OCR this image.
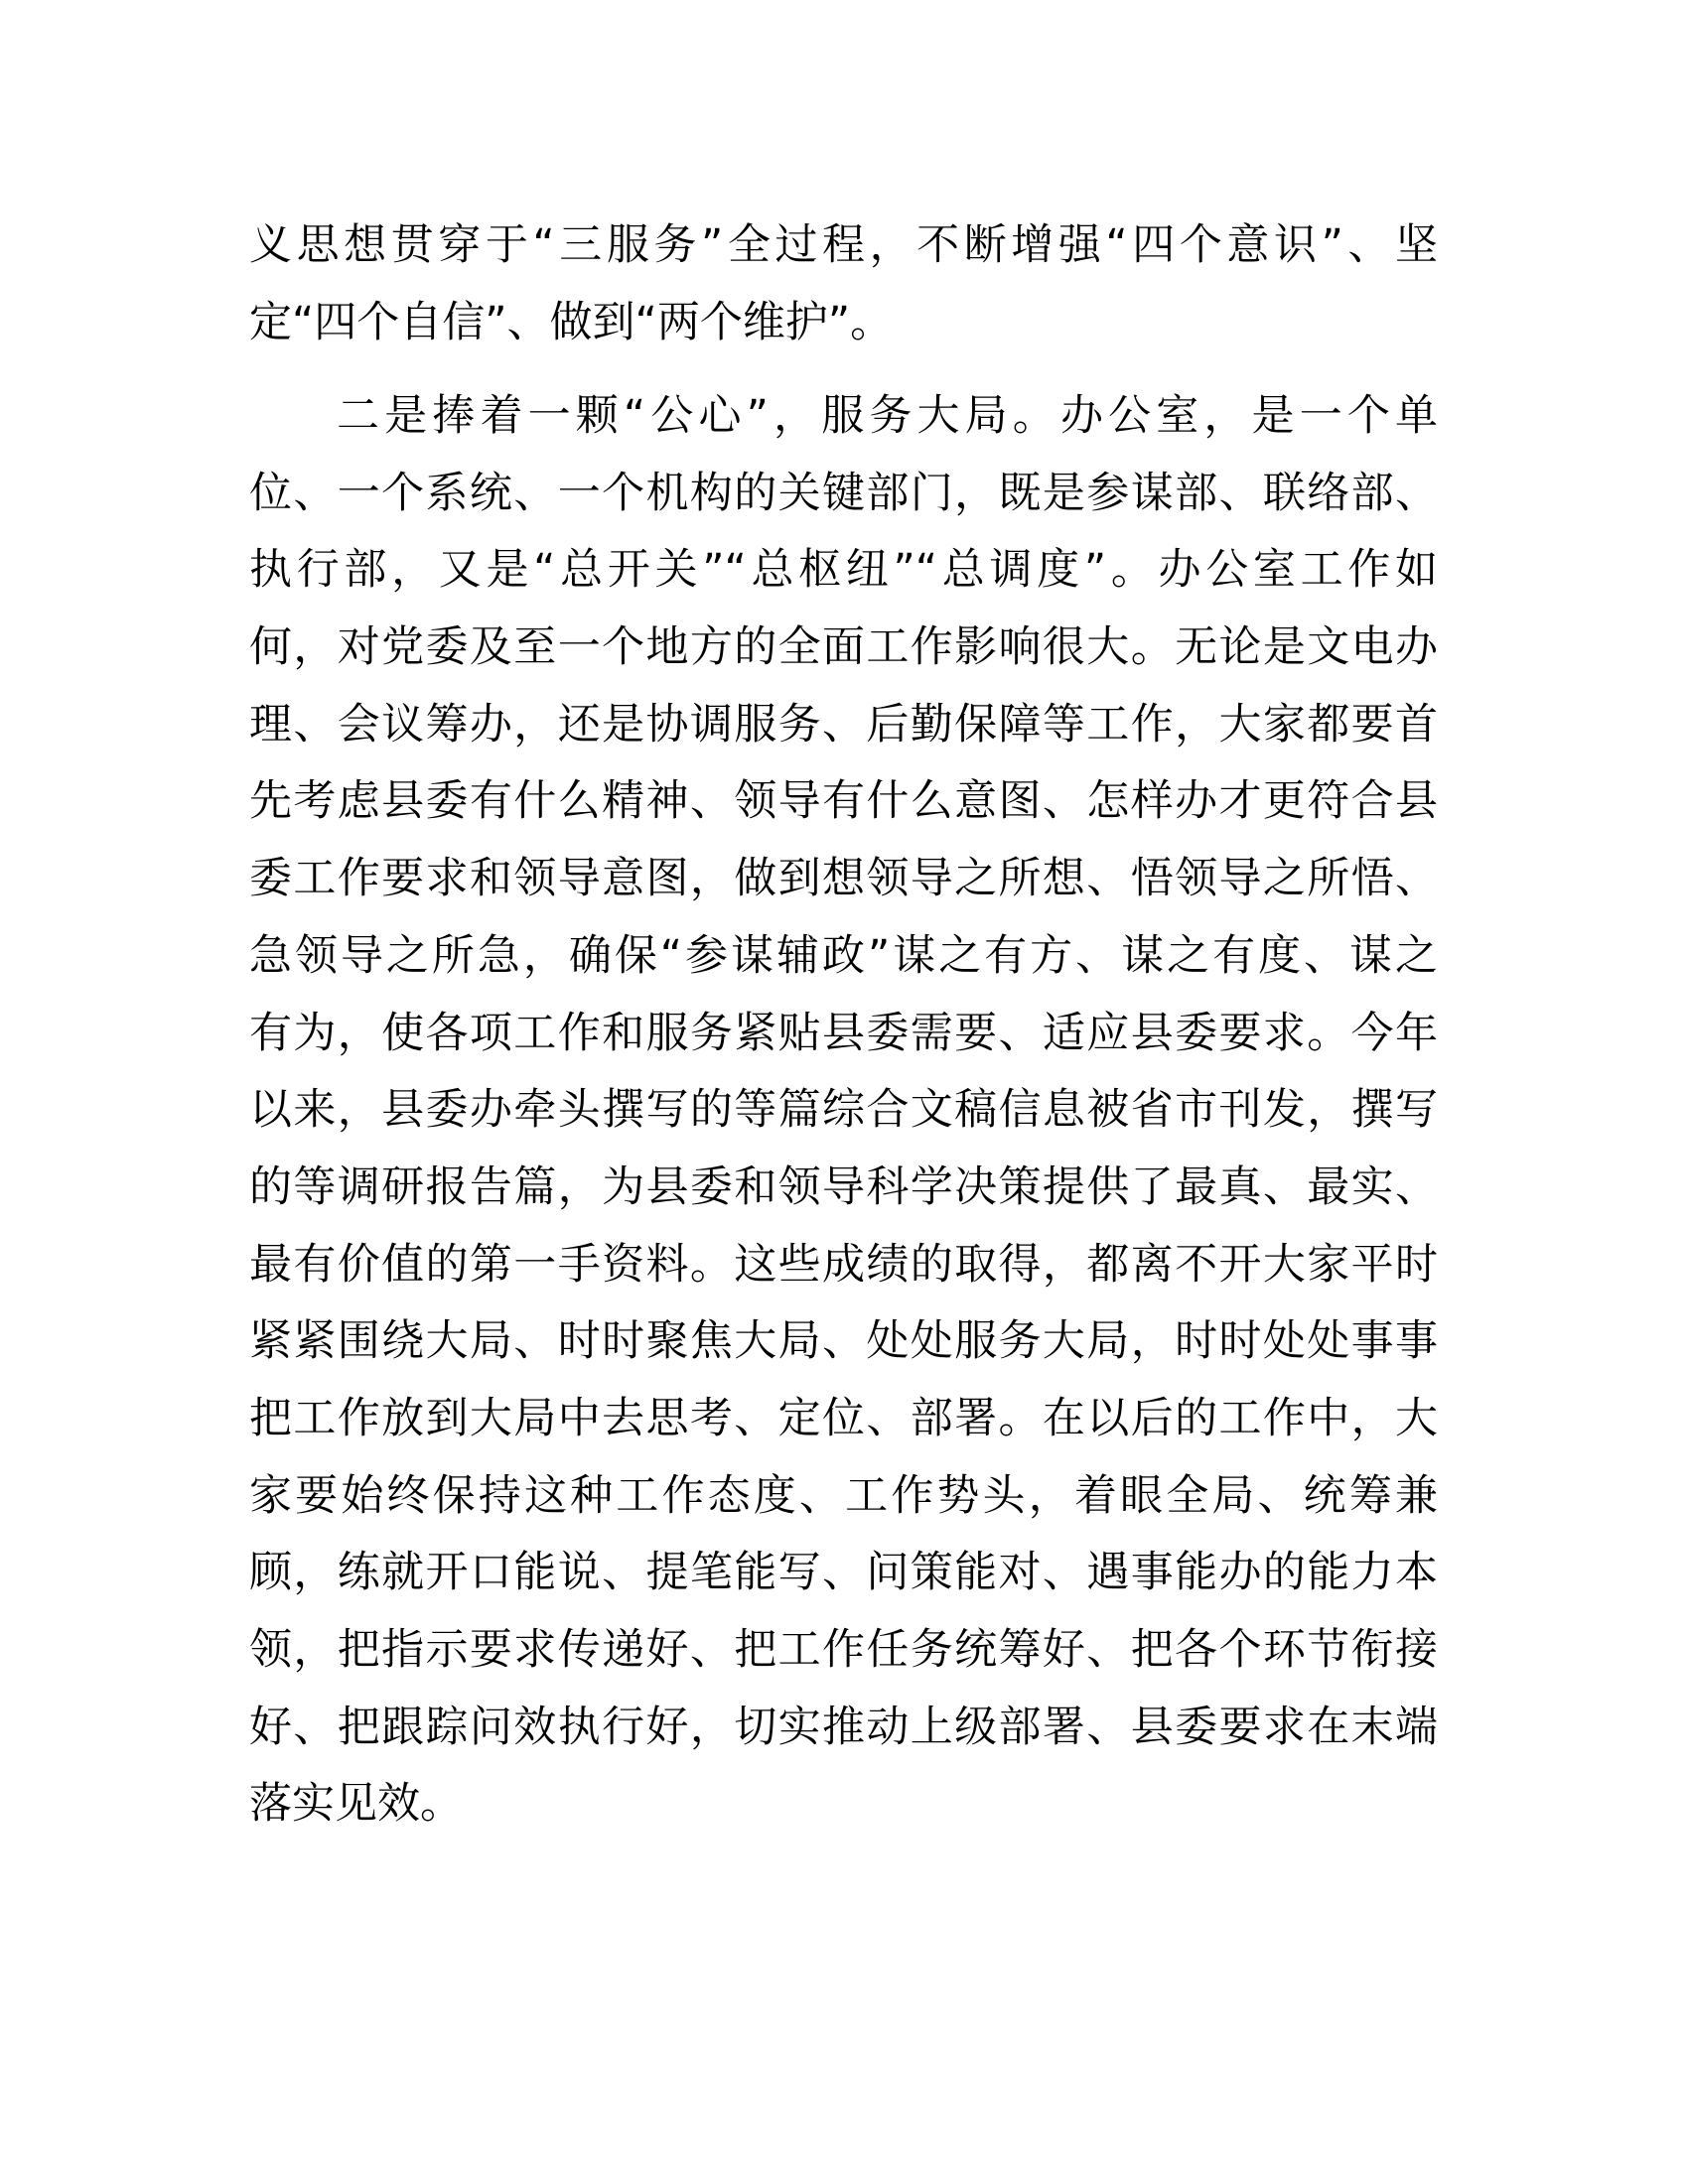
义思想贯穿于“三服务”全过程，不断增强“四个意识”、坚
定“四个自信”、做到“两个维护”。
二是捧着一颗“公心”，服务大局。办公室，是一个单
位、一个系统、一个机构的关键部门，既是参谋部、联络部、
执行部，又是“总开关”“总枢纽”“总调度”。办公室工作如
何，对党委及至一个地方的全面工作影响很大。无论是文电办
理、会议筹办，还是协调服务、后勤保障等工作，大家都要首
先考虑县委有什么精神、领导有什么意图、怎样办才更符合县
委工作要求和领导意图，做到想领导之所想、悟领导之所悟、
急领导之所急，确保“参谋辅政”谋之有方、谋之有度、谋之
有为，使各项工作和服务紧贴县委需要、适应县委要求。今年
以来，县委办牵头撰写的等篇综合文稿信息被省市刊发，撰写
的等调研报告篇，为县委和领导科学决策提供了最真、最实、
最有价值的第一手资料。这些成绩的取得，都离不开大家平时
紧紧围绕大局、时时聚焦大局、处处服务大局，时时处处事事
把工作放到大局中去思考、定位、部署。在以后的工作中，大
家要始终保持这种工作态度、工作势头，着眼全局、统筹兼
顾，练就开口能说、提笔能写、问策能对、遇事能办的能力本
领，把指示要求传递好、把工作任务统筹好、把各个环节衔接
好、把跟踪问效执行好，切实推动上级部署、县委要求在末端
落实见效。
